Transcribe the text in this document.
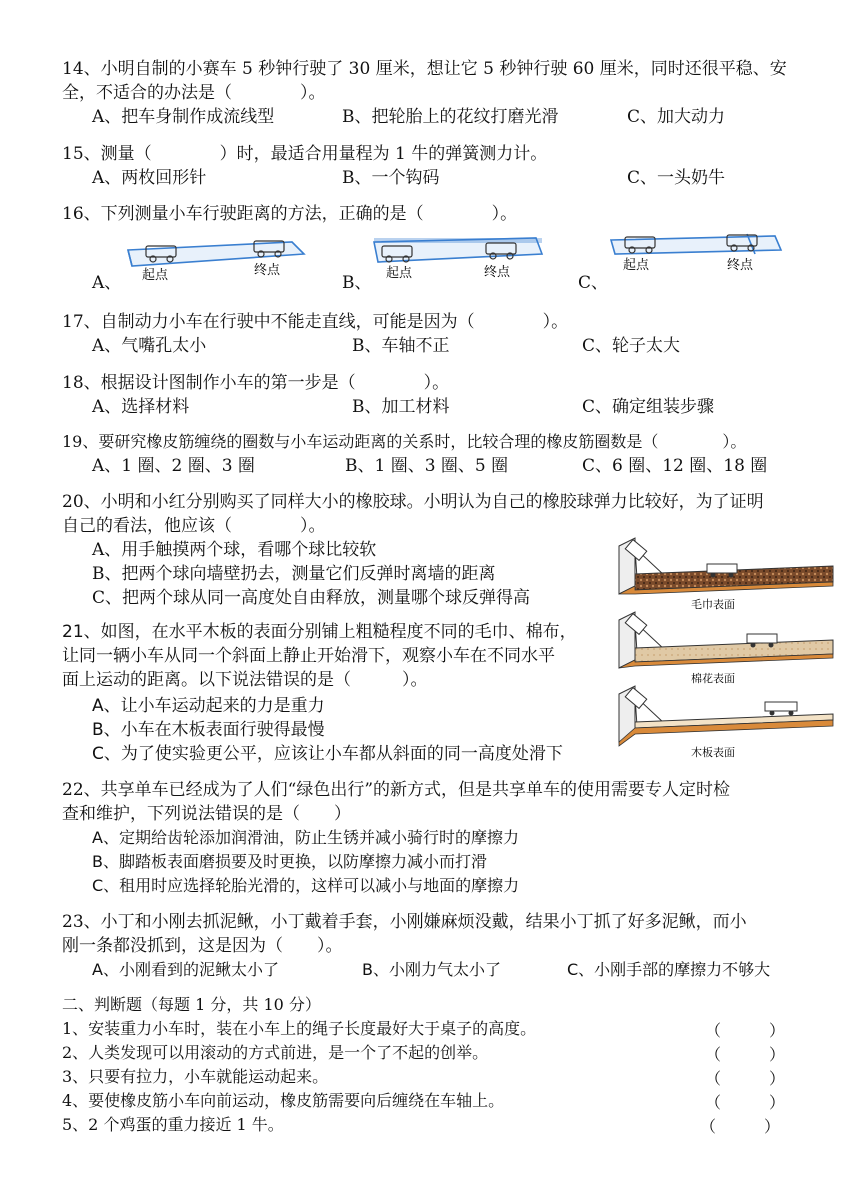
14、小明自制的小赛车 5 秒钟行驶了 30 厘米，想让它 5 秒钟行驶 60 厘米，同时还很平稳、安
全，不适合的办法是（　　　　）。
A、把车身制作成流线型	B、把轮胎上的花纹打磨光滑	C、加大动力
15、测量（　　　　）时，最适合用量程为 1 牛的弹簧测力计。
A、两枚回形针	B、一个钩码	C、一头奶牛
16、下列测量小车行驶距离的方法，正确的是（　　　　）。
A、	B、	C、
起点	终点	起点	终点	起点	终点
17、自制动力小车在行驶中不能走直线，可能是因为（　　　　）。
A、气嘴孔太小	B、车轴不正	C、轮子太大
18、根据设计图制作小车的第一步是（　　　　）。
A、选择材料	B、加工材料	C、确定组装步骤
19、要研究橡皮筋缠绕的圈数与小车运动距离的关系时，比较合理的橡皮筋圈数是（　　　　）。
A、1 圈、2 圈、3 圈	B、1 圈、3 圈、5 圈	C、6 圈、12 圈、18 圈
20、小明和小红分别购买了同样大小的橡胶球。小明认为自己的橡胶球弹力比较好，为了证明
自己的看法，他应该（　　　　）。
A、用手触摸两个球，看哪个球比较软
B、把两个球向墙壁扔去，测量它们反弹时离墙的距离
C、把两个球从同一高度处自由释放，测量哪个球反弹得高
21、如图，在水平木板的表面分别铺上粗糙程度不同的毛巾、棉布，
让同一辆小车从同一个斜面上静止开始滑下，观察小车在不同水平
面上运动的距离。以下说法错误的是（　　　）。
A、让小车运动起来的力是重力
B、小车在木板表面行驶得最慢
C、为了使实验更公平，应该让小车都从斜面的同一高度处滑下
毛巾表面
棉花表面
木板表面
22、共享单车已经成为了人们“绿色出行”的新方式，但是共享单车的使用需要专人定时检
查和维护，下列说法错误的是（　　）
A、定期给齿轮添加润滑油，防止生锈并减小骑行时的摩擦力
B、脚踏板表面磨损要及时更换，以防摩擦力减小而打滑
C、租用时应选择轮胎光滑的，这样可以减小与地面的摩擦力
23、小丁和小刚去抓泥鳅，小丁戴着手套，小刚嫌麻烦没戴，结果小丁抓了好多泥鳅，而小
刚一条都没抓到，这是因为（　　）。
A、小刚看到的泥鳅太小了	B、小刚力气太小了	C、小刚手部的摩擦力不够大
二、判断题（每题 1 分，共 10 分）
1、安装重力小车时，装在小车上的绳子长度最好大于桌子的高度。	（　　　）
2、人类发现可以用滚动的方式前进，是一个了不起的创举。	（　　　）
3、只要有拉力，小车就能运动起来。	（　　　）
4、要使橡皮筋小车向前运动，橡皮筋需要向后缠绕在车轴上。	（　　　）
5、2 个鸡蛋的重力接近 1 牛。	（　　　）
